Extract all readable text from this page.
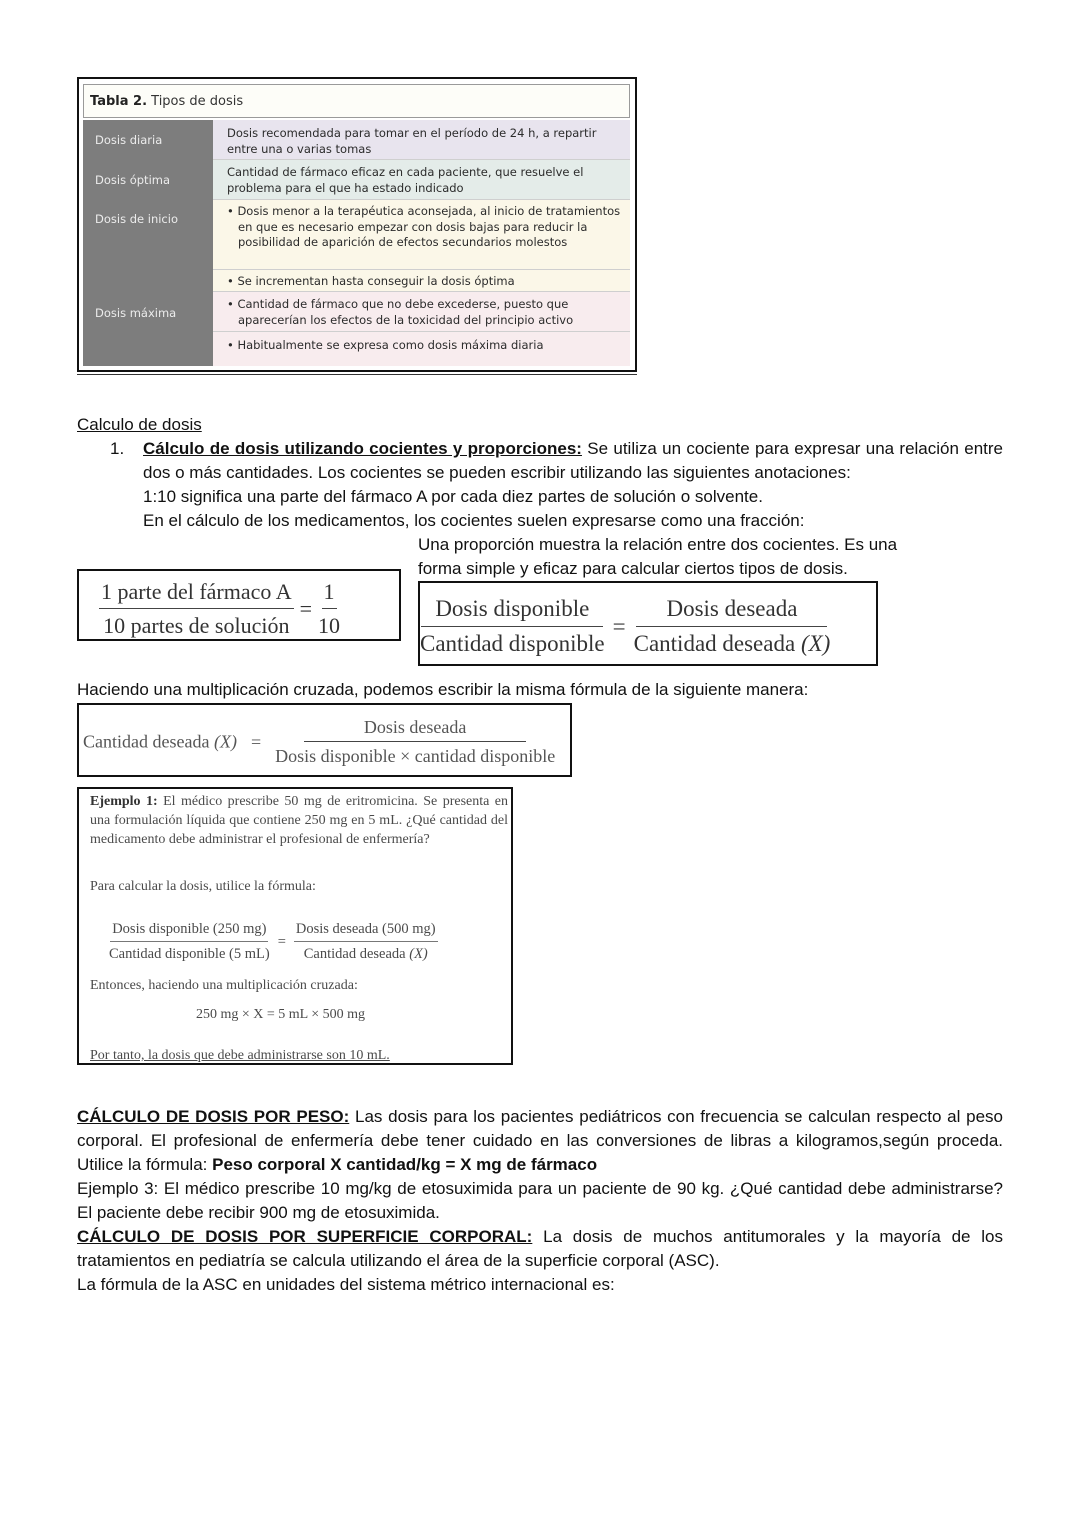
Tabla 2. Tipos de dosis
Dosis diaria
Dosis óptima
Dosis de inicio
Dosis máxima
Dosis recomendada para tomar en el período de 24 h, a repartir entre una o varias tomas
Cantidad de fármaco eficaz en cada paciente, que resuelve el problema para el que ha estado indicado
• Dosis menor a la terapéutica aconsejada, al inicio de tratamientos en que es necesario empezar con dosis bajas para reducir la posibilidad de aparición de efectos secundarios molestos
• Se incrementan hasta conseguir la dosis óptima
• Cantidad de fármaco que no debe excederse, puesto que aparecerían los efectos de la toxicidad del principio activo
• Habitualmente se expresa como dosis máxima diaria
Calculo de dosis
1. Cálculo de dosis utilizando cocientes y proporciones: Se utiliza un cociente para expresar una relación entre dos o más cantidades. Los cocientes se pueden escribir utilizando las siguientes anotaciones:
1:10 significa una parte del fármaco A por cada diez partes de solución o solvente.
En el cálculo de los medicamentos, los cocientes suelen expresarse como una fracción:
Una proporción muestra la relación entre dos cocientes. Es una forma simple y eficaz para calcular ciertos tipos de dosis.
$\frac{\text{1 parte del fármaco A}}{\text{10 partes de solución}} = \frac{1}{10}$	$\frac{\text{Dosis disponible}}{\text{Cantidad disponible}} = \frac{\text{Dosis deseada}}{\text{Cantidad deseada (X)}}$
Haciendo una multiplicación cruzada, podemos escribir la misma fórmula de la siguiente manera:
Cantidad deseada $(X) = \frac{\text{Dosis deseada}}{\text{Dosis disponible × cantidad disponible}}$
Ejemplo 1: El médico prescribe 50 mg de eritromicina. Se presenta en una formulación líquida que contiene 250 mg en 5 mL. ¿Qué cantidad del medicamento debe administrar el profesional de enfermería?
Para calcular la dosis, utilice la fórmula:
$\frac{\text{Dosis disponible (250 mg)}}{\text{Cantidad disponible (5 mL)}} = \frac{\text{Dosis deseada (500 mg)}}{\text{Cantidad deseada (X)}}$
Entonces, haciendo una multiplicación cruzada:
250 mg × X = 5 mL × 500 mg
Por tanto, la dosis que debe administrarse son 10 mL.
CÁLCULO DE DOSIS POR PESO: Las dosis para los pacientes pediátricos con frecuencia se calculan respecto al peso corporal. El profesional de enfermería debe tener cuidado en las conversiones de libras a kilogramos,según proceda. Utilice la fórmula: Peso corporal X cantidad/kg = X mg de fármaco
Ejemplo 3: El médico prescribe 10 mg/kg de etosuximida para un paciente de 90 kg. ¿Qué cantidad debe administrarse? El paciente debe recibir 900 mg de etosuximida.
CÁLCULO DE DOSIS POR SUPERFICIE CORPORAL: La dosis de muchos antitumorales y la mayoría de los tratamientos en pediatría se calcula utilizando el área de la superficie corporal (ASC).
La fórmula de la ASC en unidades del sistema métrico internacional es:
